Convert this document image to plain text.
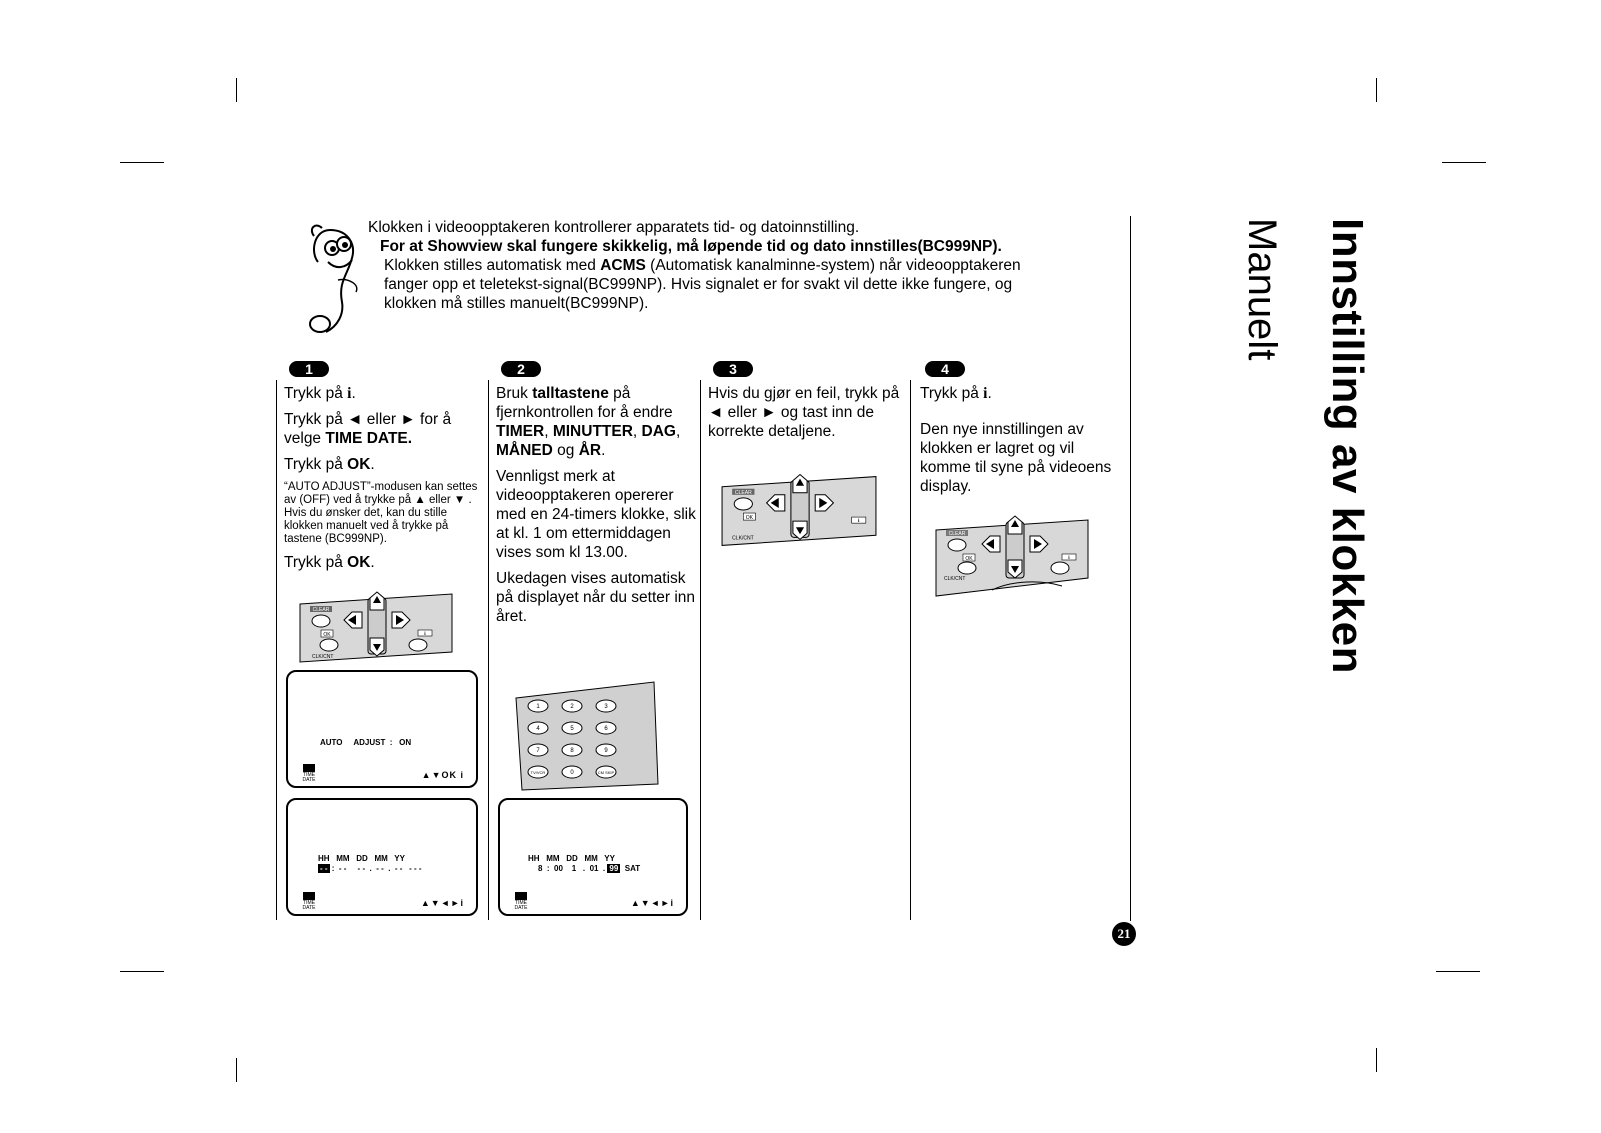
Klokken i videoopptakeren kontrollerer apparatets tid- og datoinnstilling.
For at Showview skal fungere skikkelig, må løpende tid og dato innstilles(BC999NP).
Klokken stilles automatisk med ACMS (Automatisk kanalminne-system) når videoopptakeren
fanger opp et teletekst-signal(BC999NP). Hvis signalet er for svakt vil dette ikke fungere, og
klokken må stilles manuelt(BC999NP).
1	2	3	4

Trykk på i.

Trykk på ◄ eller ► for å velge TIME DATE.

Trykk på OK.

“AUTO ADJUST”-modusen kan settes av (OFF) ved å trykke på ▲ eller ▼ . Hvis du ønsker det, kan du stille klokken manuelt ved å trykke på tastene (BC999NP).

Trykk på OK.

CLEAR
OK
CLK/CNT
i
AUTO     ADJUST  :   ON
TIME DATE	▲▼OK i
HH   MM   DD   MM   YY
- - :  - -     - -  .  - -  .  - -   - - -
TIME DATE	▲▼◄►i

Bruk talltastene på fjernkontrollen for å endre TIMER, MINUTTER, DAG, MÅNED og ÅR.

Vennligst merk at videoopptakeren opererer med en 24-timers klokke, slik at kl. 1 om ettermiddagen vises som kl 13.00.

Ukedagen vises automatisk på displayet når du setter inn året.

1	2	3
4	5	6
7	8	9
TV/VCR	0	CM SKIP
HH   MM   DD   MM   YY
8  :  00    1   .  01  . 99 SAT
TIME DATE	▲▼◄►i

Hvis du gjør en feil, trykk på ◄ eller ► og tast inn de korrekte detaljene.

CLEAR
OK
CLK/CNT
i

Trykk på i.

Den nye innstillingen av klokken er lagret og vil komme til syne på videoens display.

CLEAR
OK
CLK/CNT
i	Innstilling av klokken
Manuelt
21
